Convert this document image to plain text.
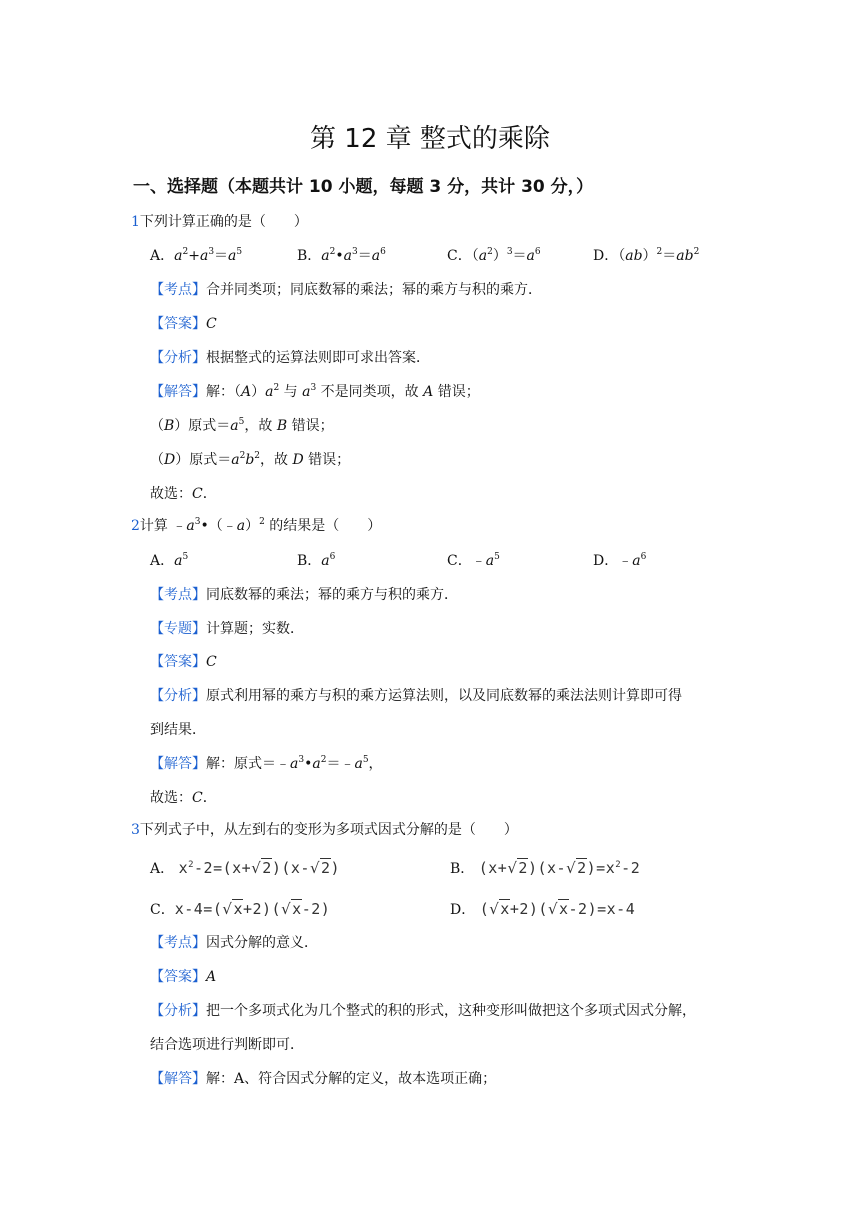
第 12 章 整式的乘除
一、选择题（本题共计 10 小题，每题 3 分，共计 30 分，）
1下列计算正确的是（　　）
A．$a^2+a^3=a^5$	B．$a^2•a^3=a^6$	C．$(a^2)^3=a^6$	D．$(ab)^2=ab^2$
【考点】合并同类项；同底数幂的乘法；幂的乘方与积的乘方．
【答案】C
【分析】根据整式的运算法则即可求出答案．
【解答】解：$(A)a^2$ 与 $a^3$ 不是同类项，故 A 错误；
（B）原式$=a^5$，故 B 错误；
（D）原式$=a^2b^2$，故 D 错误；
故选：C．
2计算 $﹣a^3•(﹣a)^2$ 的结果是（　　）
A．$a^5$	B．$a^6$	C．$﹣a^5$	D．$﹣a^6$
【考点】同底数幂的乘法；幂的乘方与积的乘方．
【专题】计算题；实数．
【答案】C
【分析】原式利用幂的乘方与积的乘方运算法则，以及同底数幂的乘法法则计算即可得
到结果．
【解答】解：原式$=﹣a^3•a^2=﹣a^5$，
故选：C．
3下列式子中，从左到右的变形为多项式因式分解的是（　　）
A． $x^2-2=(x+√2)(x-√2)$	B． $(x+√2)(x-√2)=x^2-2$
C．x-4=(√x+2)(√x-2)	D． (√x+2)(√x-2)=x-4
【考点】因式分解的意义．
【答案】A
【分析】把一个多项式化为几个整式的积的形式，这种变形叫做把这个多项式因式分解，
结合选项进行判断即可．
【解答】解：A、符合因式分解的定义，故本选项正确；
